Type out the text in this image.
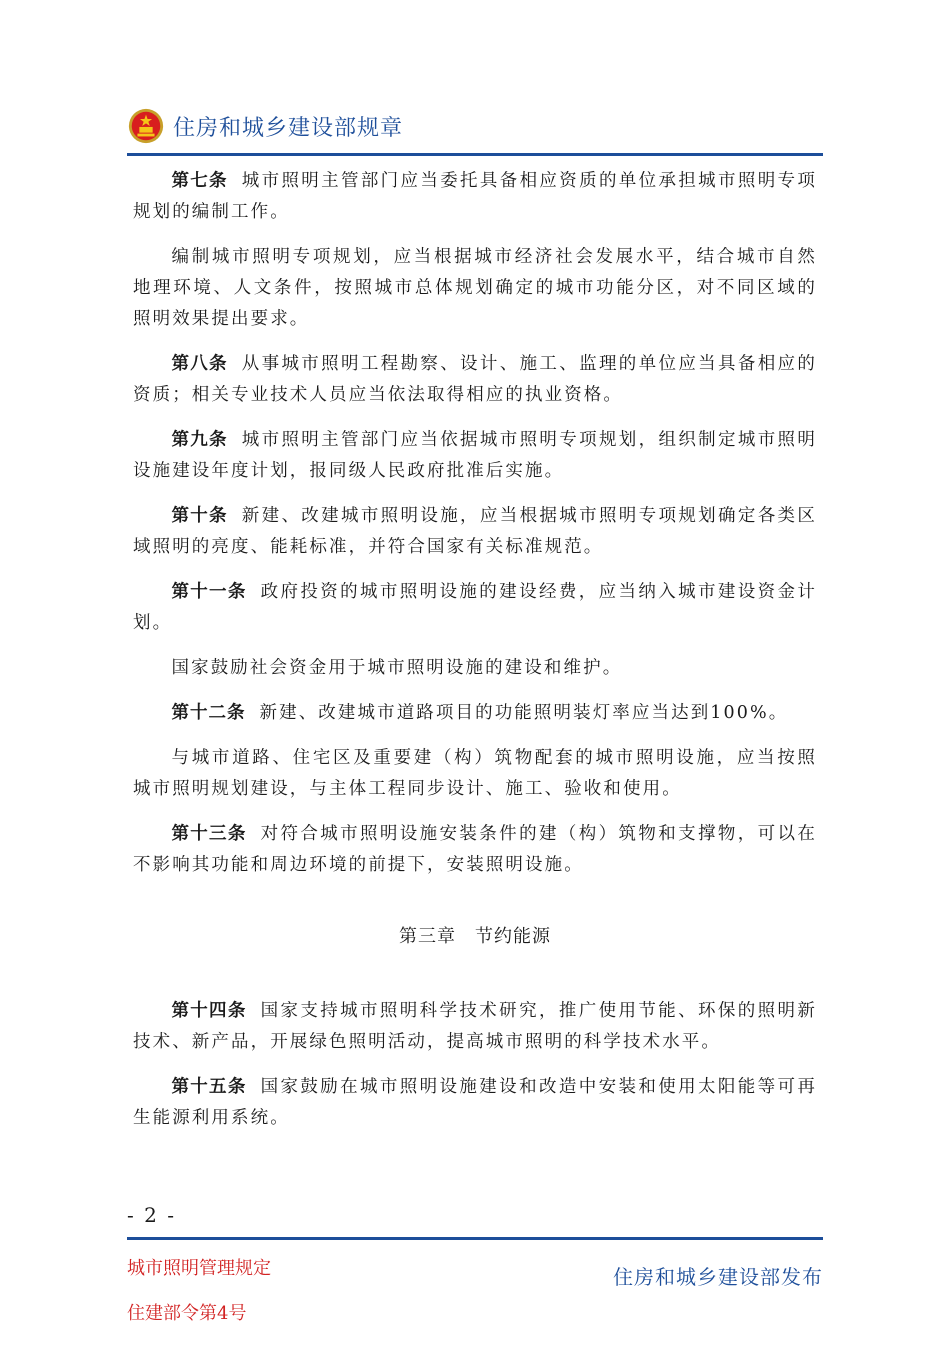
住房和城乡建设部规章

第七条 城市照明主管部门应当委托具备相应资质的单位承担城市照明专项规划的编制工作。

编制城市照明专项规划，应当根据城市经济社会发展水平，结合城市自然地理环境、人文条件，按照城市总体规划确定的城市功能分区，对不同区域的照明效果提出要求。

第八条 从事城市照明工程勘察、设计、施工、监理的单位应当具备相应的资质；相关专业技术人员应当依法取得相应的执业资格。

第九条 城市照明主管部门应当依据城市照明专项规划，组织制定城市照明设施建设年度计划，报同级人民政府批准后实施。

第十条 新建、改建城市照明设施，应当根据城市照明专项规划确定各类区域照明的亮度、能耗标准，并符合国家有关标准规范。

第十一条 政府投资的城市照明设施的建设经费，应当纳入城市建设资金计划。

国家鼓励社会资金用于城市照明设施的建设和维护。

第十二条 新建、改建城市道路项目的功能照明装灯率应当达到100%。

与城市道路、住宅区及重要建（构）筑物配套的城市照明设施，应当按照城市照明规划建设，与主体工程同步设计、施工、验收和使用。

第十三条 对符合城市照明设施安装条件的建（构）筑物和支撑物，可以在不影响其功能和周边环境的前提下，安装照明设施。

第三章　节约能源

第十四条 国家支持城市照明科学技术研究，推广使用节能、环保的照明新技术、新产品，开展绿色照明活动，提高城市照明的科学技术水平。

第十五条 国家鼓励在城市照明设施建设和改造中安装和使用太阳能等可再生能源利用系统。

- 2 -
城市照明管理规定	住房和城乡建设部发布
住建部令第4号
